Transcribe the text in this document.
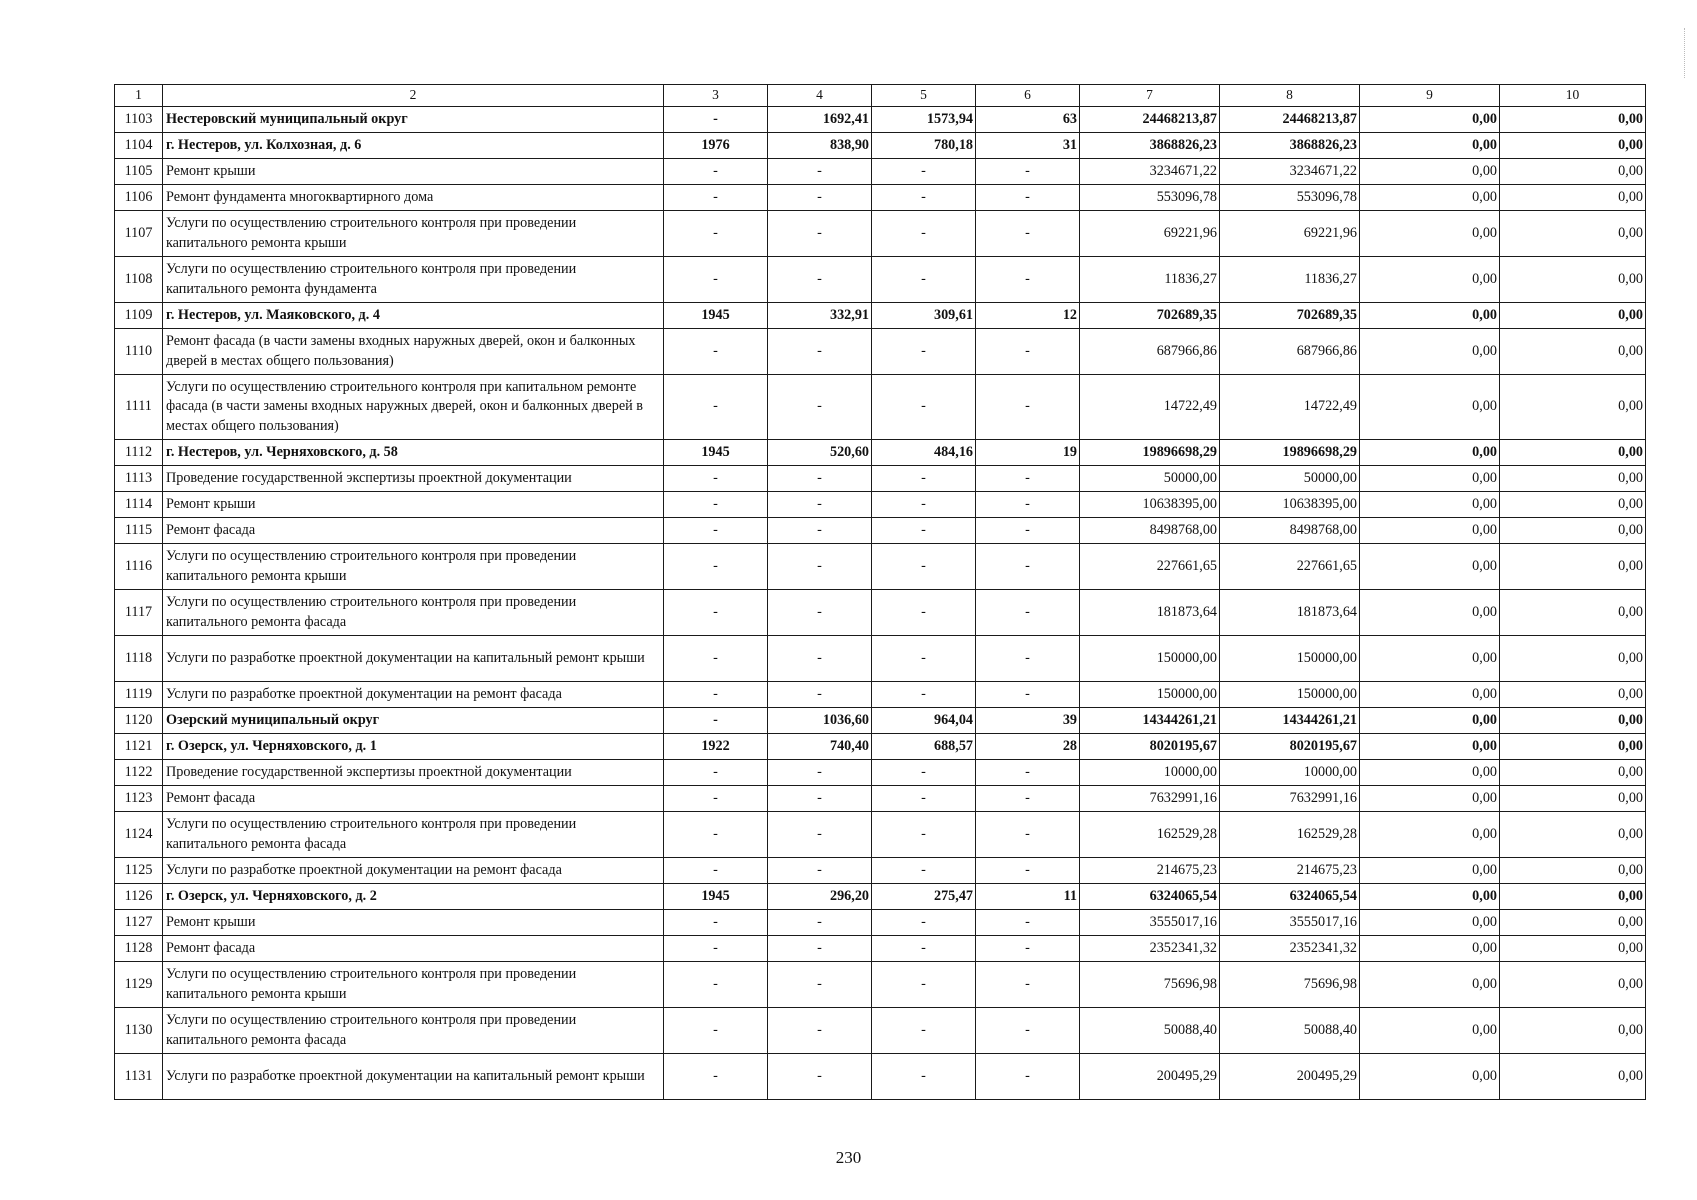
1	2	3	4	5	6	7	8	9	10
1103	Нестеровский муниципальный округ	-	1692,41	1573,94	63	24468213,87	24468213,87	0,00	0,00
1104	г. Нестеров, ул. Колхозная, д. 6	1976	838,90	780,18	31	3868826,23	3868826,23	0,00	0,00
1105	Ремонт крыши	-	-	-	-	3234671,22	3234671,22	0,00	0,00
1106	Ремонт фундамента многоквартирного дома	-	-	-	-	553096,78	553096,78	0,00	0,00
1107	Услуги по осуществлению строительного контроля при проведении капитального ремонта крыши	-	-	-	-	69221,96	69221,96	0,00	0,00
1108	Услуги по осуществлению строительного контроля при проведении капитального ремонта фундамента	-	-	-	-	11836,27	11836,27	0,00	0,00
1109	г. Нестеров, ул. Маяковского, д. 4	1945	332,91	309,61	12	702689,35	702689,35	0,00	0,00
1110	Ремонт фасада (в части замены входных наружных дверей, окон и балконных дверей в местах общего пользования)	-	-	-	-	687966,86	687966,86	0,00	0,00
1111	Услуги по осуществлению строительного контроля при капитальном ремонте фасада (в части замены входных наружных дверей, окон и балконных дверей в местах общего пользования)	-	-	-	-	14722,49	14722,49	0,00	0,00
1112	г. Нестеров, ул. Черняховского, д. 58	1945	520,60	484,16	19	19896698,29	19896698,29	0,00	0,00
1113	Проведение государственной экспертизы проектной документации	-	-	-	-	50000,00	50000,00	0,00	0,00
1114	Ремонт крыши	-	-	-	-	10638395,00	10638395,00	0,00	0,00
1115	Ремонт фасада	-	-	-	-	8498768,00	8498768,00	0,00	0,00
1116	Услуги по осуществлению строительного контроля при проведении капитального ремонта крыши	-	-	-	-	227661,65	227661,65	0,00	0,00
1117	Услуги по осуществлению строительного контроля при проведении капитального ремонта фасада	-	-	-	-	181873,64	181873,64	0,00	0,00
1118	Услуги по разработке проектной документации на капитальный ремонт крыши	-	-	-	-	150000,00	150000,00	0,00	0,00
1119	Услуги по разработке проектной документации на ремонт фасада	-	-	-	-	150000,00	150000,00	0,00	0,00
1120	Озерский муниципальный округ	-	1036,60	964,04	39	14344261,21	14344261,21	0,00	0,00
1121	г. Озерск, ул. Черняховского, д. 1	1922	740,40	688,57	28	8020195,67	8020195,67	0,00	0,00
1122	Проведение государственной экспертизы проектной документации	-	-	-	-	10000,00	10000,00	0,00	0,00
1123	Ремонт фасада	-	-	-	-	7632991,16	7632991,16	0,00	0,00
1124	Услуги по осуществлению строительного контроля при проведении капитального ремонта фасада	-	-	-	-	162529,28	162529,28	0,00	0,00
1125	Услуги по разработке проектной документации на ремонт фасада	-	-	-	-	214675,23	214675,23	0,00	0,00
1126	г. Озерск, ул. Черняховского, д. 2	1945	296,20	275,47	11	6324065,54	6324065,54	0,00	0,00
1127	Ремонт крыши	-	-	-	-	3555017,16	3555017,16	0,00	0,00
1128	Ремонт фасада	-	-	-	-	2352341,32	2352341,32	0,00	0,00
1129	Услуги по осуществлению строительного контроля при проведении капитального ремонта крыши	-	-	-	-	75696,98	75696,98	0,00	0,00
1130	Услуги по осуществлению строительного контроля при проведении капитального ремонта фасада	-	-	-	-	50088,40	50088,40	0,00	0,00
1131	Услуги по разработке проектной документации на капитальный ремонт крыши	-	-	-	-	200495,29	200495,29	0,00	0,00
230
